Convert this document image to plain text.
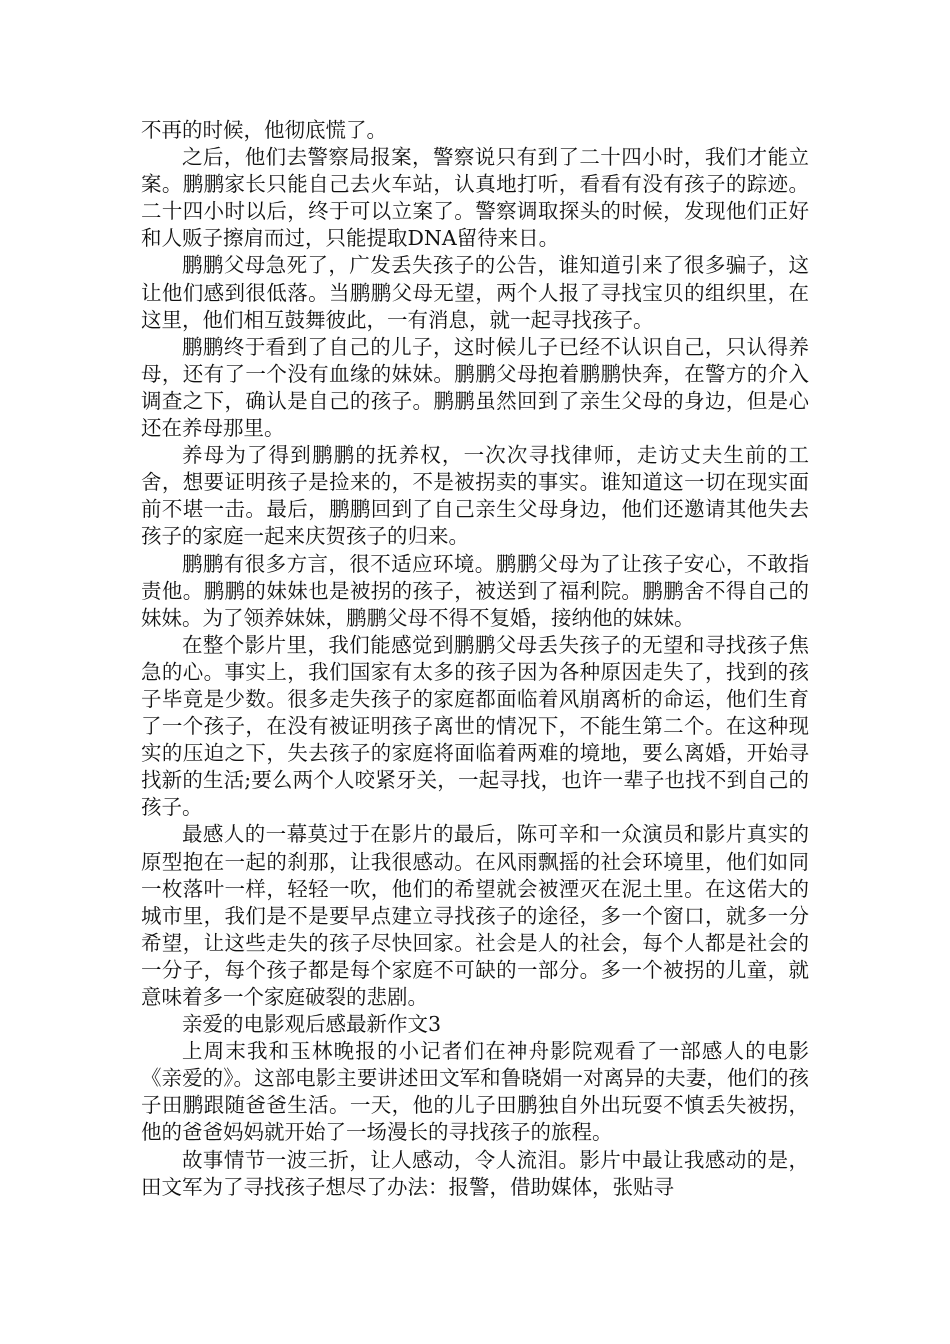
不再的时候，他彻底慌了。

之后，他们去警察局报案，警察说只有到了二十四小时，我们才能立案。鹏鹏家长只能自己去火车站，认真地打听，看看有没有孩子的踪迹。二十四小时以后，终于可以立案了。警察调取探头的时候，发现他们正好和人贩子擦肩而过，只能提取DNA留待来日。

鹏鹏父母急死了，广发丢失孩子的公告，谁知道引来了很多骗子，这让他们感到很低落。当鹏鹏父母无望，两个人报了寻找宝贝的组织里，在这里，他们相互鼓舞彼此，一有消息，就一起寻找孩子。

鹏鹏终于看到了自己的儿子，这时候儿子已经不认识自己，只认得养母，还有了一个没有血缘的妹妹。鹏鹏父母抱着鹏鹏快奔，在警方的介入调查之下，确认是自己的孩子。鹏鹏虽然回到了亲生父母的身边，但是心还在养母那里。

养母为了得到鹏鹏的抚养权，一次次寻找律师，走访丈夫生前的工舍，想要证明孩子是捡来的，不是被拐卖的事实。谁知道这一切在现实面前不堪一击。最后，鹏鹏回到了自己亲生父母身边，他们还邀请其他失去孩子的家庭一起来庆贺孩子的归来。

鹏鹏有很多方言，很不适应环境。鹏鹏父母为了让孩子安心，不敢指责他。鹏鹏的妹妹也是被拐的孩子，被送到了福利院。鹏鹏舍不得自己的妹妹。为了领养妹妹，鹏鹏父母不得不复婚，接纳他的妹妹。

在整个影片里，我们能感觉到鹏鹏父母丢失孩子的无望和寻找孩子焦急的心。事实上，我们国家有太多的孩子因为各种原因走失了，找到的孩子毕竟是少数。很多走失孩子的家庭都面临着风崩离析的命运，他们生育了一个孩子，在没有被证明孩子离世的情况下，不能生第二个。在这种现实的压迫之下，失去孩子的家庭将面临着两难的境地，要么离婚，开始寻找新的生活;要么两个人咬紧牙关，一起寻找，也许一辈子也找不到自己的孩子。

最感人的一幕莫过于在影片的最后，陈可辛和一众演员和影片真实的原型抱在一起的刹那，让我很感动。在风雨飘摇的社会环境里，他们如同一枚落叶一样，轻轻一吹，他们的希望就会被湮灭在泥土里。在这偌大的城市里，我们是不是要早点建立寻找孩子的途径，多一个窗口，就多一分希望，让这些走失的孩子尽快回家。社会是人的社会，每个人都是社会的一分子，每个孩子都是每个家庭不可缺的一部分。多一个被拐的儿童，就意味着多一个家庭破裂的悲剧。

亲爱的电影观后感最新作文3

上周末我和玉林晚报的小记者们在神舟影院观看了一部感人的电影《亲爱的》。这部电影主要讲述田文军和鲁晓娟一对离异的夫妻，他们的孩子田鹏跟随爸爸生活。一天，他的儿子田鹏独自外出玩耍不慎丢失被拐，他的爸爸妈妈就开始了一场漫长的寻找孩子的旅程。

故事情节一波三折，让人感动，令人流泪。影片中最让我感动的是，田文军为了寻找孩子想尽了办法：报警，借助媒体，张贴寻
